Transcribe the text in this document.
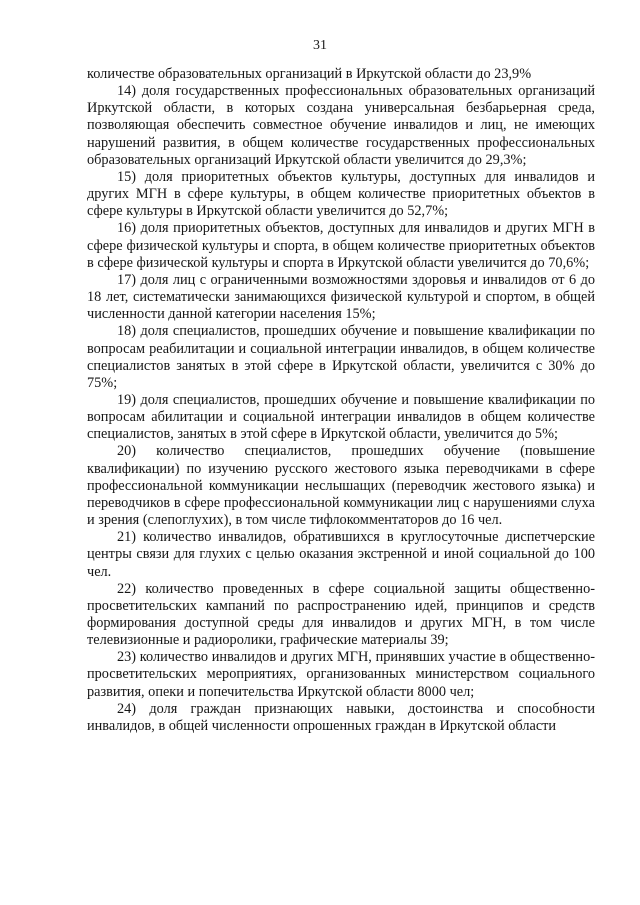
31

количестве образовательных организаций в Иркутской области до 23,9%

14) доля государственных профессиональных образовательных организаций Иркутской области, в которых создана универсальная безбарьерная среда, позволяющая обеспечить совместное обучение инвалидов и лиц, не имеющих нарушений развития, в общем количестве государственных профессиональных образовательных организаций Иркутской области увеличится до 29,3%;

15) доля приоритетных объектов культуры, доступных для инвалидов и других МГН в сфере культуры, в общем количестве приоритетных объектов в сфере культуры в Иркутской области увеличится до 52,7%;

16) доля приоритетных объектов, доступных для инвалидов и других МГН в сфере физической культуры и спорта, в общем количестве приоритетных объектов в сфере физической культуры и спорта в Иркутской области увеличится до 70,6%;

17) доля лиц с ограниченными возможностями здоровья и инвалидов от 6 до 18 лет, систематически занимающихся физической культурой и спортом, в общей численности данной категории населения 15%;

18) доля специалистов, прошедших обучение и повышение квалификации по вопросам реабилитации и социальной интеграции инвалидов, в общем количестве специалистов занятых в этой сфере в Иркутской области, увеличится с 30% до 75%;

19) доля специалистов, прошедших обучение и повышение квалификации по вопросам абилитации и социальной интеграции инвалидов в общем количестве специалистов, занятых в этой сфере в Иркутской области, увеличится до 5%;

20) количество специалистов, прошедших обучение (повышение квалификации) по изучению русского жестового языка переводчиками в сфере профессиональной коммуникации неслышащих (переводчик жестового языка) и переводчиков в сфере профессиональной коммуникации лиц с нарушениями слуха и зрения (слепоглухих), в том числе тифлокомментаторов до 16 чел.

21) количество инвалидов, обратившихся в круглосуточные диспетчерские центры связи для глухих с целью оказания экстренной и иной социальной до 100 чел.

22) количество проведенных в сфере социальной защиты общественно-просветительских кампаний по распространению идей, принципов и средств формирования доступной среды для инвалидов и других МГН, в том числе телевизионные и радиоролики, графические материалы 39;

23) количество инвалидов и других МГН, принявших участие в общественно-просветительских мероприятиях, организованных министерством социального развития, опеки и попечительства Иркутской области 8000 чел;

24) доля граждан признающих навыки, достоинства и способности инвалидов, в общей численности опрошенных граждан в Иркутской области
